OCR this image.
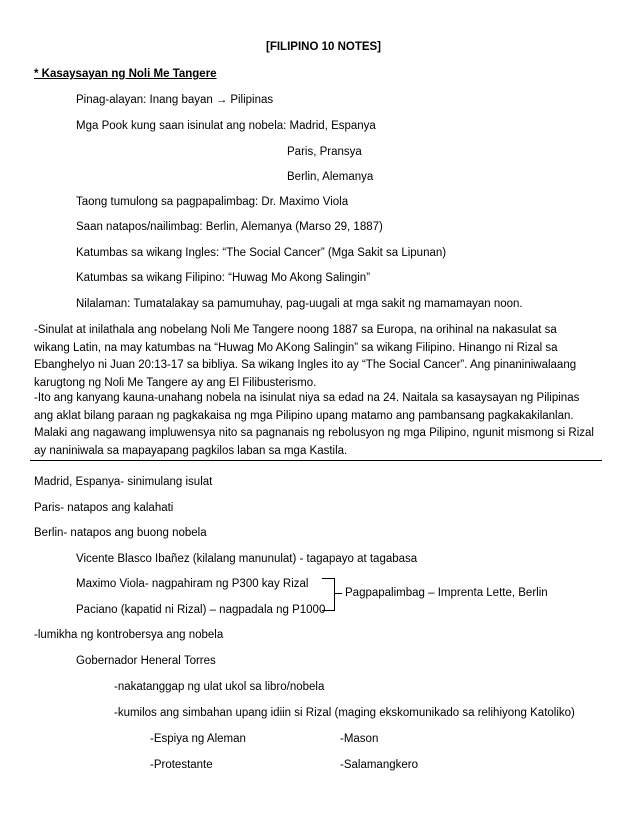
[FILIPINO 10 NOTES]
* Kasaysayan ng Noli Me Tangere
Pinag-alayan: Inang bayan → Pilipinas
Mga Pook kung saan isinulat ang nobela: Madrid, Espanya
Paris, Pransya
Berlin, Alemanya
Taong tumulong sa pagpapalimbag: Dr. Maximo Viola
Saan natapos/nailimbag: Berlin, Alemanya (Marso 29, 1887)
Katumbas sa wikang Ingles: “The Social Cancer” (Mga Sakit sa Lipunan)
Katumbas sa wikang Filipino: “Huwag Mo Akong Salingin”
Nilalaman: Tumatalakay sa pamumuhay, pag-uugali at mga sakit ng mamamayan noon.
-Sinulat at inilathala ang nobelang Noli Me Tangere noong 1887 sa Europa, na orihinal na nakasulat sa wikang Latin, na may katumbas na “Huwag Mo AKong Salingin” sa wikang Filipino. Hinango ni Rizal sa Ebanghelyo ni Juan 20:13-17 sa bibliya. Sa wikang Ingles ito ay “The Social Cancer”. Ang pinaniniwalaang karugtong ng Noli Me Tangere ay ang El Filibusterismo.
-Ito ang kanyang kauna-unahang nobela na isinulat niya sa edad na 24. Naitala sa kasaysayan ng Pilipinas ang aklat bilang paraan ng pagkakaisa ng mga Pilipino upang matamo ang pambansang pagkakakilanlan. Malaki ang nagawang impluwensya nito sa pagnanais ng rebolusyon ng mga Pilipino, ngunit mismong si Rizal ay naniniwala sa mapayapang pagkilos laban sa mga Kastila.
Madrid, Espanya- sinimulang isulat
Paris- natapos ang kalahati
Berlin- natapos ang buong nobela
Vicente Blasco Ibañez (kilalang manunulat) - tagapayo at tagabasa
Maximo Viola- nagpahiram ng P300 kay Rizal
Paciano (kapatid ni Rizal) – nagpadala ng P1000
Pagpapalimbag – Imprenta Lette, Berlin
-lumikha ng kontrobersya ang nobela
Gobernador Heneral Torres
-nakatanggap ng ulat ukol sa libro/nobela
-kumilos ang simbahan upang idiin si Rizal (maging ekskomunikado sa relihiyong Katoliko)
-Espiya ng Aleman	-Mason
-Protestante	-Salamangkero
